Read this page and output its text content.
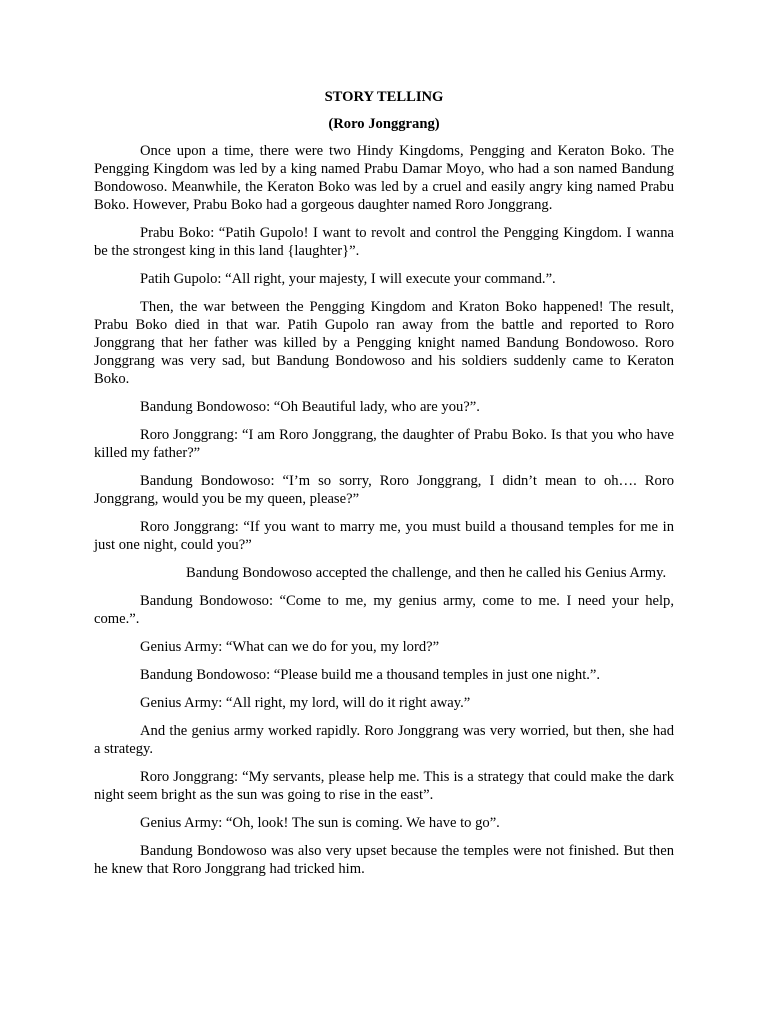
STORY TELLING
(Roro Jonggrang)

Once upon a time, there were two Hindy Kingdoms, Pengging and Keraton Boko. The Pengging Kingdom was led by a king named Prabu Damar Moyo, who had a son named Bandung Bondowoso. Meanwhile, the Keraton Boko was led by a cruel and easily angry king named Prabu Boko. However, Prabu Boko had a gorgeous daughter named Roro Jonggrang.

Prabu Boko: “Patih Gupolo! I want to revolt and control the Pengging Kingdom. I wanna be the strongest king in this land {laughter}”.

Patih Gupolo: “All right, your majesty, I will execute your command.”.

Then, the war between the Pengging Kingdom and Kraton Boko happened! The result, Prabu Boko died in that war. Patih Gupolo ran away from the battle and reported to Roro Jonggrang that her father was killed by a Pengging knight named Bandung Bondowoso. Roro Jonggrang was very sad, but Bandung Bondowoso and his soldiers suddenly came to Keraton Boko.

Bandung Bondowoso: “Oh Beautiful lady, who are you?”.

Roro Jonggrang: “I am Roro Jonggrang, the daughter of Prabu Boko. Is that you who have killed my father?”

Bandung Bondowoso: “I’m so sorry, Roro Jonggrang, I didn’t mean to oh…. Roro Jonggrang, would you be my queen, please?”

Roro Jonggrang: “If you want to marry me, you must build a thousand temples for me in just one night, could you?”

Bandung Bondowoso accepted the challenge, and then he called his Genius Army.

Bandung Bondowoso: “Come to me, my genius army, come to me. I need your help, come.”.

Genius Army: “What can we do for you, my lord?”

Bandung Bondowoso: “Please build me a thousand temples in just one night.”.

Genius Army: “All right, my lord, will do it right away.”

And the genius army worked rapidly. Roro Jonggrang was very worried, but then, she had a strategy.

Roro Jonggrang: “My servants, please help me. This is a strategy that could make the dark night seem bright as the sun was going to rise in the east”.

Genius Army: “Oh, look! The sun is coming. We have to go”.

Bandung Bondowoso was also very upset because the temples were not finished. But then he knew that Roro Jonggrang had tricked him.
